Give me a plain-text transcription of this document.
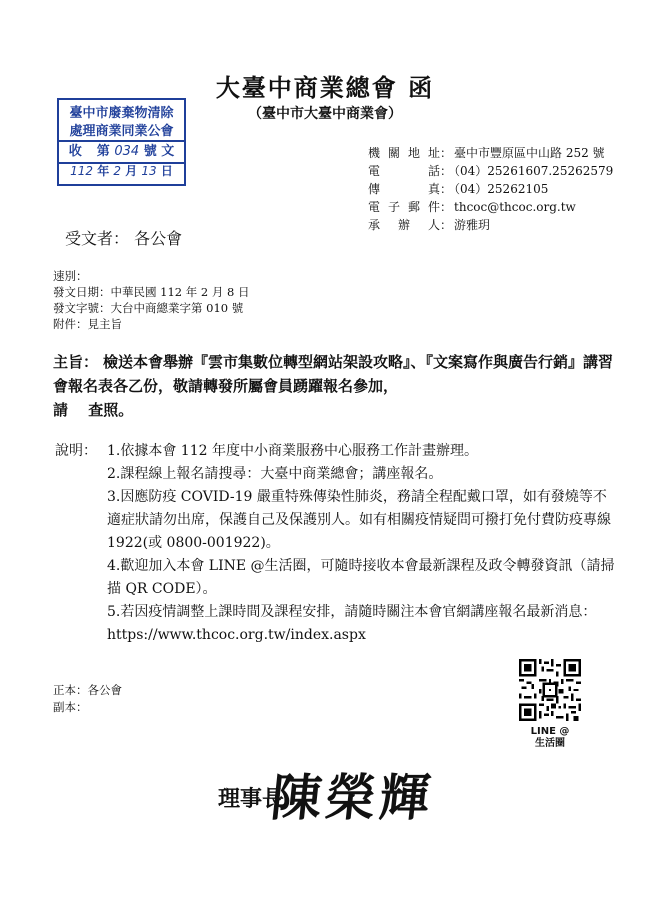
大臺中商業總會 函
（臺中市大臺中商業會）
臺中市廢棄物清除
處理商業同業公會
收 第 034 號 文
112 年 2 月 13 日
機關地址： 臺中市豐原區中山路 252 號
電　　話： （04）25261607.25262579
傳　　真： （04）25262105
電子郵件： thcoc@thcoc.org.tw
承 辦 人： 游雅玥
受文者： 各公會
速別：
發文日期：中華民國 112 年 2 月 8 日
發文字號：大台中商總業字第 010 號
附件：見主旨
主旨： 檢送本會舉辦『雲市集數位轉型網站架設攻略』、『文案寫作與廣告行銷』講習會報名表各乙份，敬請轉發所屬會員踴躍報名參加，
請　 查照。
說明： 1.依據本會 112 年度中小商業服務中心服務工作計畫辦理。
2.課程線上報名請搜尋：大臺中商業總會；講座報名。
3.因應防疫 COVID-19 嚴重特殊傳染性肺炎，務請全程配戴口罩，如有發燒等不適症狀請勿出席，保護自己及保護別人。如有相關疫情疑問可撥打免付費防疫專線 1922(或 0800-001922)。
4.歡迎加入本會 LINE @生活圈，可隨時接收本會最新課程及政令轉發資訊（請掃描 QR CODE）。
5.若因疫情調整上課時間及課程安排，請隨時關注本會官網講座報名最新消息：https://www.thcoc.org.tw/index.aspx
LINE @
生活圈
正本：各公會
副本：
理事長
陳榮輝
